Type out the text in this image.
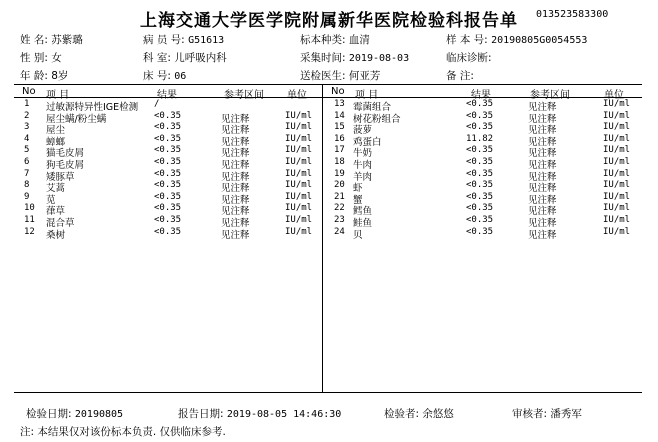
上海交通大学医学院附属新华医院检验科报告单	013523583300
姓 名: 苏紫璐
性 别: 女
年 龄: 8岁
病 员 号: G51613
科 室: 儿呼吸内科
床 号: 06
标本种类: 血清
采集时间: 2019-08-03
送检医生: 何亚芳
样 本 号: 20190805G0054553
临床诊断:
备 注:
No 项 目	结果	参考区间 单位 No 项 目	结果	参考区间	单位
1 过敏源特异性IGE检测 /
2 屋尘螨/粉尘螨	<0.35	见注释	IU/ml
3 屋尘	<0.35	见注释	IU/ml
4 蟑螂	<0.35	见注释	IU/ml
5 猫毛皮屑	<0.35	见注释	IU/ml
6 狗毛皮屑	<0.35	见注释	IU/ml
7 矮豚草	<0.35	见注释	IU/ml
8 艾蒿	<0.35	见注释	IU/ml
9 苋	<0.35	见注释	IU/ml
10 葎草	<0.35	见注释	IU/ml
11 混合草	<0.35	见注释	IU/ml
12 桑树	<0.35	见注释	IU/ml
13 霉菌组合	<0.35	见注释	IU/ml
14 树花粉组合	<0.35	见注释	IU/ml
15 菠萝	<0.35	见注释	IU/ml
16 鸡蛋白	11.82	见注释	IU/ml
17 牛奶	<0.35	见注释	IU/ml
18 牛肉	<0.35	见注释	IU/ml
19 羊肉	<0.35	见注释	IU/ml
20 虾	<0.35	见注释	IU/ml
21 蟹	<0.35	见注释	IU/ml
22 鳕鱼	<0.35	见注释	IU/ml
23 鲑鱼	<0.35	见注释	IU/ml
24 贝	<0.35	见注释	IU/ml
检验日期: 20190805	报告日期: 2019-08-05 14:46:30	检验者: 余悠悠	审核者: 潘秀军
注: 本结果仅对该份标本负责. 仅供临床参考.
